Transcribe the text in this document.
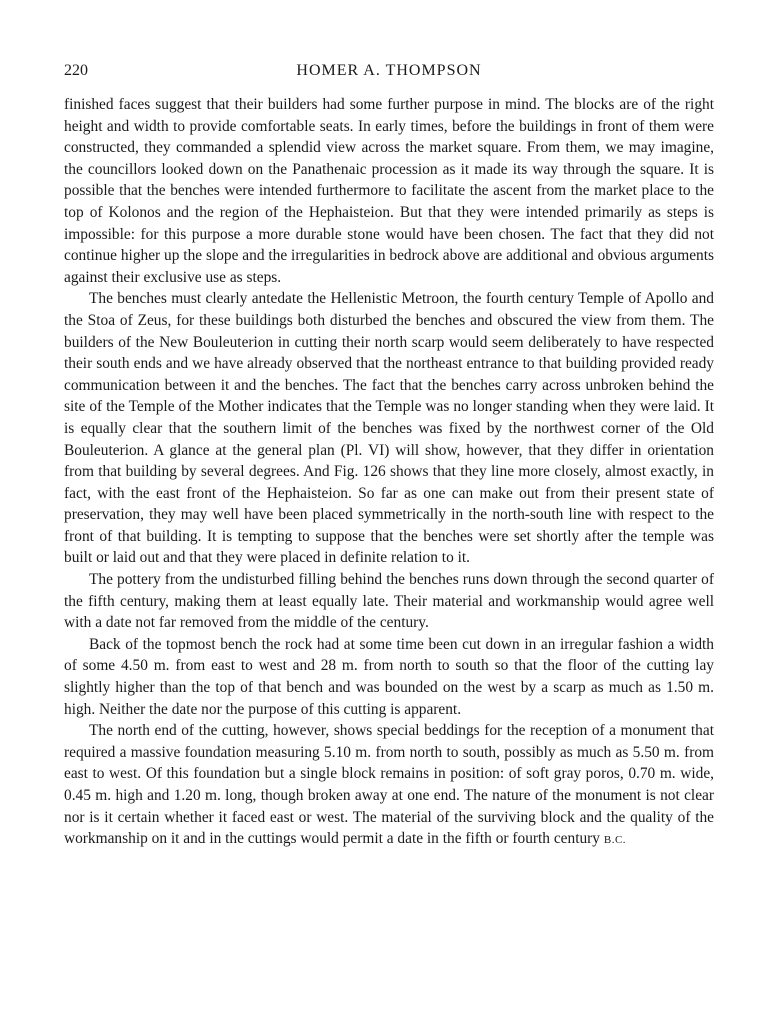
220	HOMER A. THOMPSON

finished faces suggest that their builders had some further purpose in mind. The blocks are of the right height and width to provide comfortable seats. In early times, before the buildings in front of them were constructed, they commanded a splendid view across the market square. From them, we may imagine, the councillors looked down on the Panathenaic procession as it made its way through the square. It is possible that the benches were intended furthermore to facilitate the ascent from the market place to the top of Kolonos and the region of the Hephaisteion. But that they were intended primarily as steps is impossible: for this purpose a more durable stone would have been chosen. The fact that they did not continue higher up the slope and the irregularities in bedrock above are additional and obvious arguments against their exclusive use as steps.

The benches must clearly antedate the Hellenistic Metroon, the fourth century Temple of Apollo and the Stoa of Zeus, for these buildings both disturbed the benches and obscured the view from them. The builders of the New Bouleuterion in cutting their north scarp would seem deliberately to have respected their south ends and we have already observed that the northeast entrance to that building provided ready communication between it and the benches. The fact that the benches carry across unbroken behind the site of the Temple of the Mother indicates that the Temple was no longer standing when they were laid. It is equally clear that the southern limit of the benches was fixed by the northwest corner of the Old Bouleuterion. A glance at the general plan (Pl. VI) will show, however, that they differ in orientation from that building by several degrees. And Fig. 126 shows that they line more closely, almost exactly, in fact, with the east front of the Hephaisteion. So far as one can make out from their present state of preservation, they may well have been placed symmetrically in the north-south line with respect to the front of that building. It is tempting to suppose that the benches were set shortly after the temple was built or laid out and that they were placed in definite relation to it.

The pottery from the undisturbed filling behind the benches runs down through the second quarter of the fifth century, making them at least equally late. Their material and workmanship would agree well with a date not far removed from the middle of the century.

Back of the topmost bench the rock had at some time been cut down in an irregular fashion a width of some 4.50 m. from east to west and 28 m. from north to south so that the floor of the cutting lay slightly higher than the top of that bench and was bounded on the west by a scarp as much as 1.50 m. high. Neither the date nor the purpose of this cutting is apparent.

The north end of the cutting, however, shows special beddings for the reception of a monument that required a massive foundation measuring 5.10 m. from north to south, possibly as much as 5.50 m. from east to west. Of this foundation but a single block remains in position: of soft gray poros, 0.70 m. wide, 0.45 m. high and 1.20 m. long, though broken away at one end. The nature of the monument is not clear nor is it certain whether it faced east or west. The material of the surviving block and the quality of the workmanship on it and in the cuttings would permit a date in the fifth or fourth century B.C.
